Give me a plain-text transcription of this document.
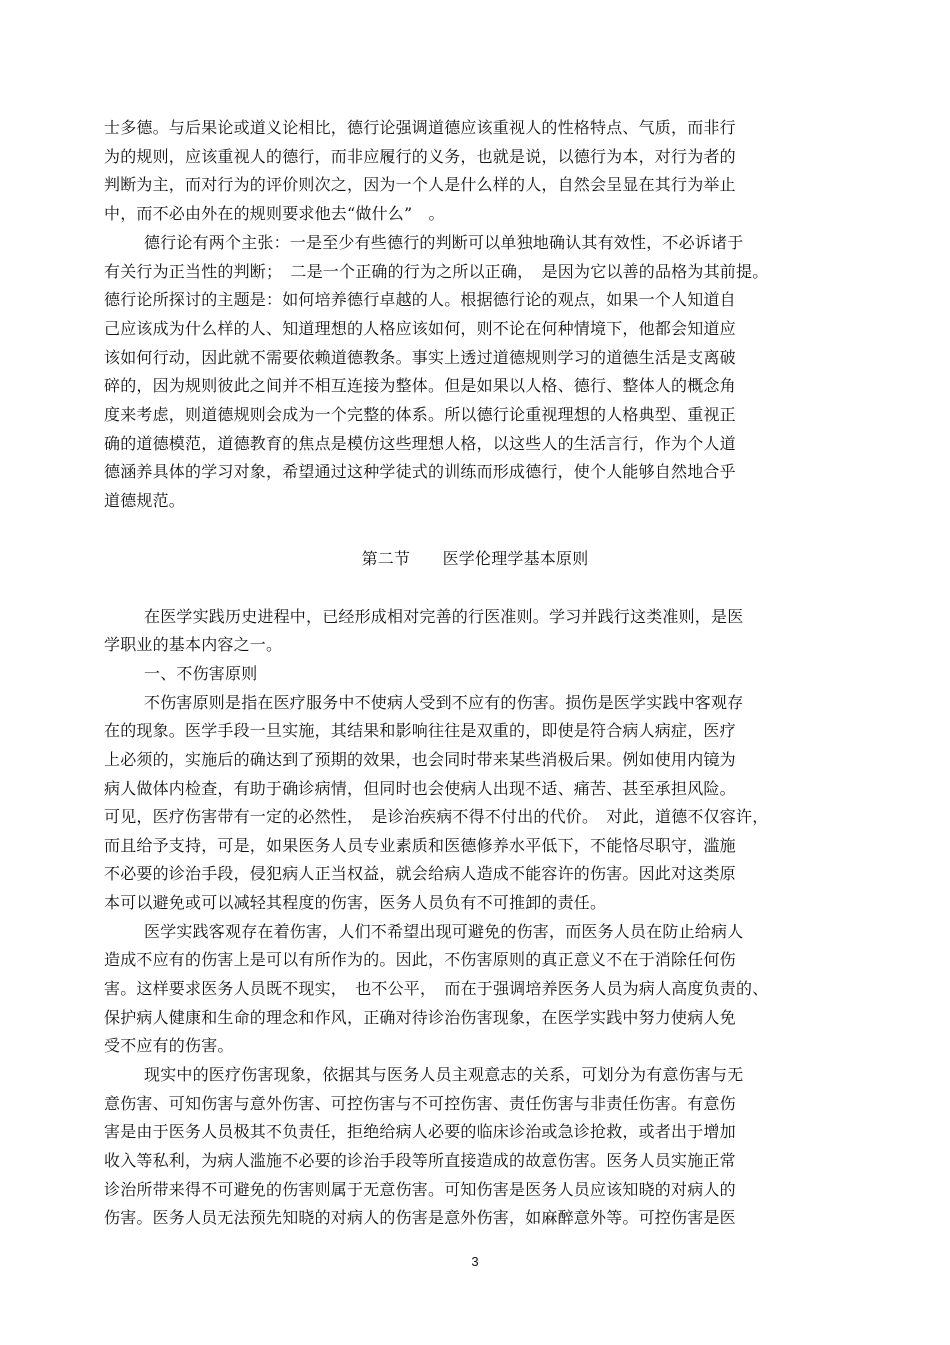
士多德。与后果论或道义论相比，德行论强调道德应该重视人的性格特点、气质，而非行
为的规则，应该重视人的德行，而非应履行的义务，也就是说，以德行为本，对行为者的
判断为主，而对行为的评价则次之，因为一个人是什么样的人，自然会呈显在其行为举止
中，而不必由外在的规则要求他去“做什么”　。
德行论有两个主张：一是至少有些德行的判断可以单独地确认其有效性，不必诉诸于
有关行为正当性的判断；　二是一个正确的行为之所以正确，　是因为它以善的品格为其前提。
德行论所探讨的主题是：如何培养德行卓越的人。根据德行论的观点，如果一个人知道自
己应该成为什么样的人、知道理想的人格应该如何，则不论在何种情境下，他都会知道应
该如何行动，因此就不需要依赖道德教条。事实上透过道德规则学习的道德生活是支离破
碎的，因为规则彼此之间并不相互连接为整体。但是如果以人格、德行、整体人的概念角
度来考虑，则道德规则会成为一个完整的体系。所以德行论重视理想的人格典型、重视正
确的道德模范，道德教育的焦点是模仿这些理想人格，以这些人的生活言行，作为个人道
德涵养具体的学习对象，希望通过这种学徒式的训练而形成德行，使个人能够自然地合乎
道德规范。
第二节　　医学伦理学基本原则
在医学实践历史进程中，已经形成相对完善的行医准则。学习并践行这类准则，是医
学职业的基本内容之一。
一、不伤害原则
不伤害原则是指在医疗服务中不使病人受到不应有的伤害。损伤是医学实践中客观存
在的现象。医学手段一旦实施，其结果和影响往往是双重的，即使是符合病人病症，医疗
上必须的，实施后的确达到了预期的效果，也会同时带来某些消极后果。例如使用内镜为
病人做体内检查，有助于确诊病情，但同时也会使病人出现不适、痛苦、甚至承担风险。
可见，医疗伤害带有一定的必然性，　是诊治疾病不得不付出的代价。　对此，道德不仅容许，
而且给予支持，可是，如果医务人员专业素质和医德修养水平低下，不能恪尽职守，滥施
不必要的诊治手段，侵犯病人正当权益，就会给病人造成不能容许的伤害。因此对这类原
本可以避免或可以减轻其程度的伤害，医务人员负有不可推卸的责任。
医学实践客观存在着伤害，人们不希望出现可避免的伤害，而医务人员在防止给病人
造成不应有的伤害上是可以有所作为的。因此，不伤害原则的真正意义不在于消除任何伤
害。这样要求医务人员既不现实，　也不公平，　而在于强调培养医务人员为病人高度负责的、
保护病人健康和生命的理念和作风，正确对待诊治伤害现象，在医学实践中努力使病人免
受不应有的伤害。
现实中的医疗伤害现象，依据其与医务人员主观意志的关系，可划分为有意伤害与无
意伤害、可知伤害与意外伤害、可控伤害与不可控伤害、责任伤害与非责任伤害。有意伤
害是由于医务人员极其不负责任，拒绝给病人必要的临床诊治或急诊抢救，或者出于增加
收入等私利，为病人滥施不必要的诊治手段等所直接造成的故意伤害。医务人员实施正常
诊治所带来得不可避免的伤害则属于无意伤害。可知伤害是医务人员应该知晓的对病人的
伤害。医务人员无法预先知晓的对病人的伤害是意外伤害，如麻醉意外等。可控伤害是医
3
